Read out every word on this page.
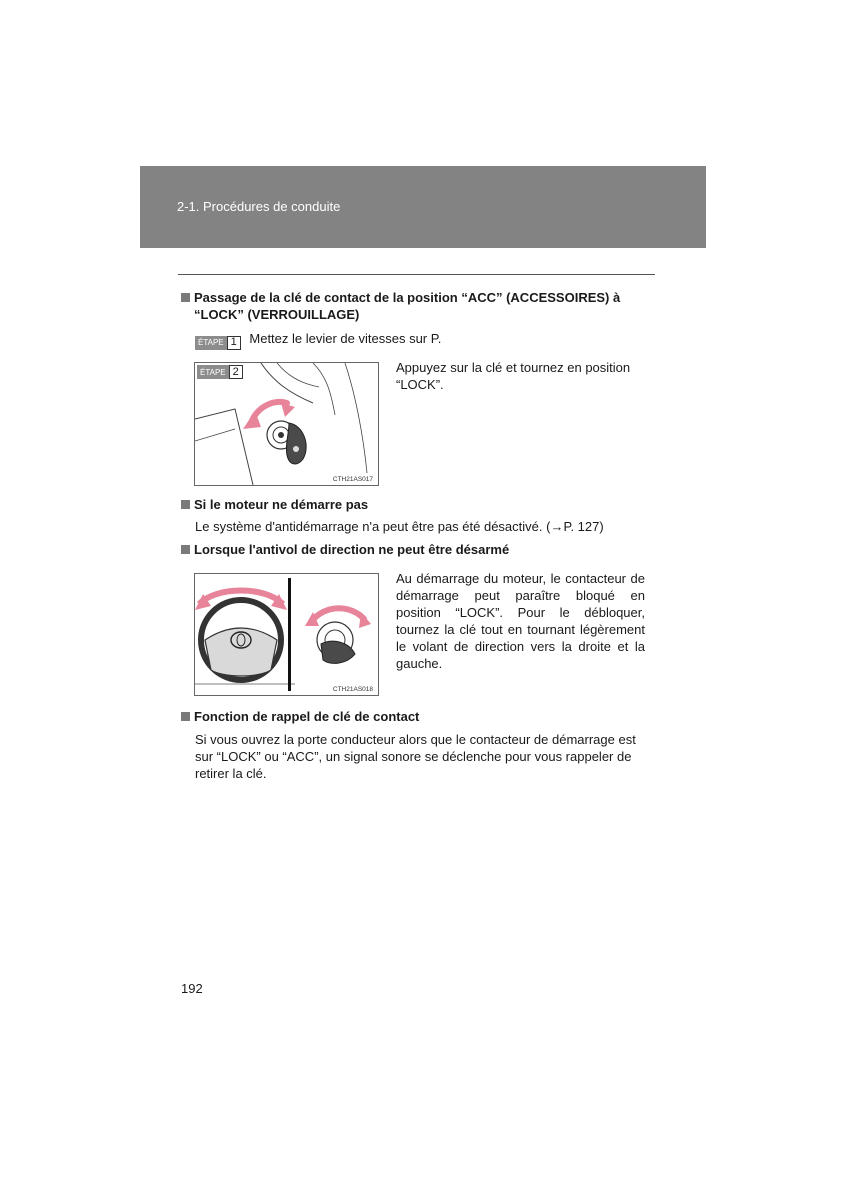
2-1. Procédures de conduite
Passage de la clé de contact de la position “ACC” (ACCESSOIRES) à
“LOCK” (VERROUILLAGE)
ÉTAPE 1 Mettez le levier de vitesses sur P.
ÉTAPE 2
CTH21AS017
Appuyez sur la clé et tournez en position “LOCK”.
Si le moteur ne démarre pas
Le système d'antidémarrage n'a peut être pas été désactivé. (→P. 127)
Lorsque l'antivol de direction ne peut être désarmé
CTH21AS018
Au démarrage du moteur, le contacteur de démarrage peut paraître bloqué en position “LOCK”. Pour le débloquer, tournez la clé tout en tournant légèrement le volant de direction vers la droite et la gauche.
Fonction de rappel de clé de contact
Si vous ouvrez la porte conducteur alors que le contacteur de démarrage est sur “LOCK” ou “ACC”, un signal sonore se déclenche pour vous rappeler de retirer la clé.
192
